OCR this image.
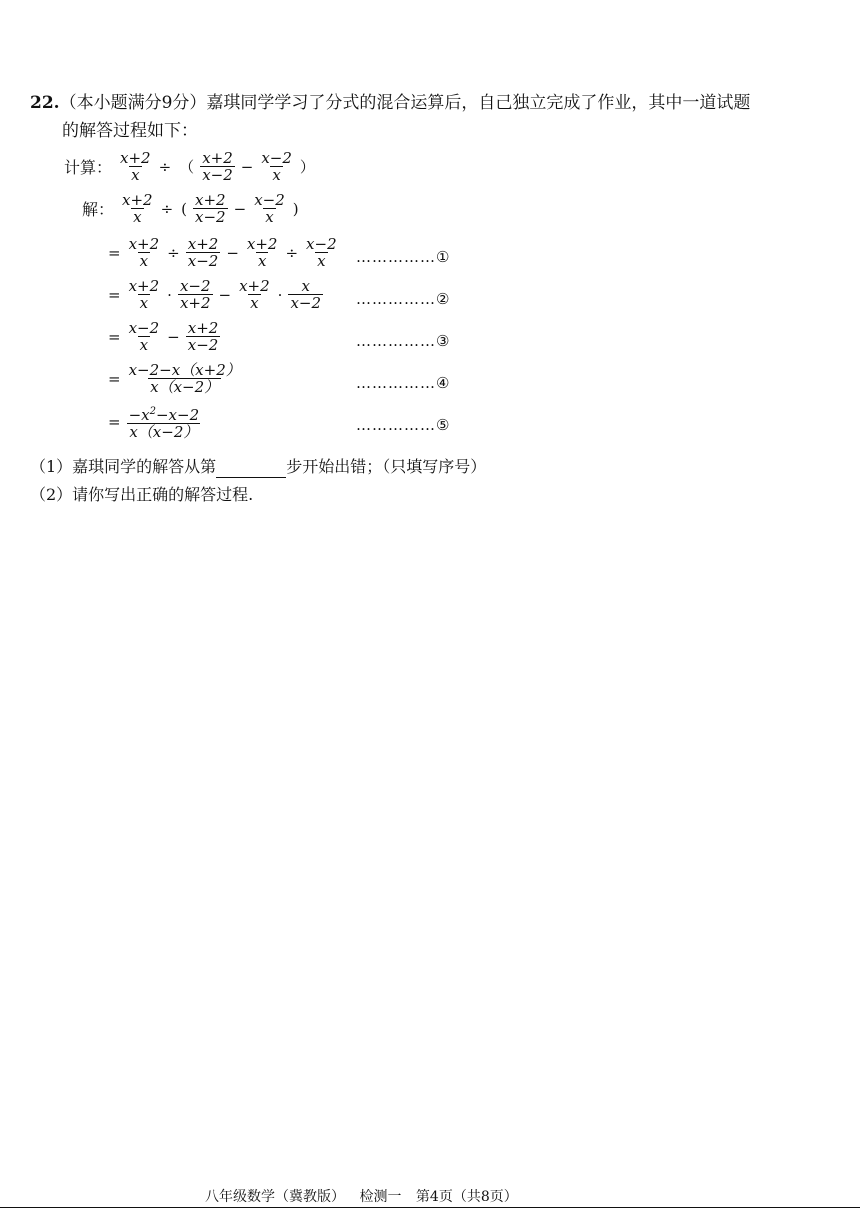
22.（本小题满分9分）嘉琪同学学习了分式的混合运算后，自己独立完成了作业，其中一道试题
的解答过程如下：
计算： $\frac{x+2}{x}$ ÷ （ $\frac{x+2}{x-2} - \frac{x-2}{x}$ ）
解： $\frac{x+2}{x}$ ÷ ( $\frac{x+2}{x-2} - \frac{x-2}{x}$ )
= $\frac{x+2}{x} \div \frac{x+2}{x-2} - \frac{x+2}{x} \div \frac{x-2}{x}$ ……………①
= $\frac{x+2}{x} \cdot \frac{x-2}{x+2} - \frac{x+2}{x} \cdot \frac{x}{x-2}$ ……………②
= $\frac{x-2}{x} - \frac{x+2}{x-2}$	……………③
= $\frac{x-2-x(x+2)}{x(x-2)}$	……………④
= $\frac{-x^2-x-2}{x(x-2)}$	……………⑤
（1）嘉琪同学的解答从第	步开始出错；（只填写序号）
（2）请你写出正确的解答过程.
八年级数学（冀教版） 检测一 第4页（共8页）
